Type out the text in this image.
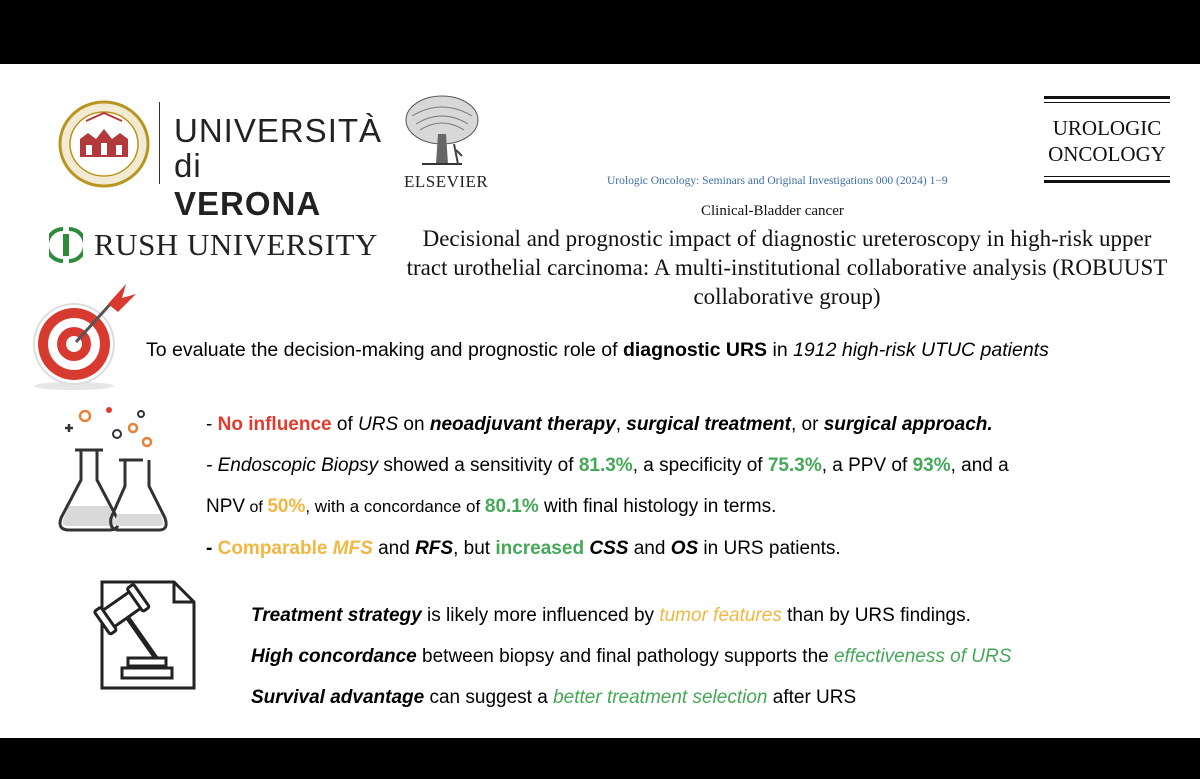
UNIVERSITÀ
di VERONA
ELSEVIER	Urologic Oncology: Seminars and Original Investigations 000 (2024) 1−9
UROLOGIC
ONCOLOGY
RUSH UNIVERSITY
Clinical-Bladder cancer
Decisional and prognostic impact of diagnostic ureteroscopy in high-risk upper tract urothelial carcinoma: A multi-institutional collaborative analysis (ROBUUST collaborative group)
To evaluate the decision-making and prognostic role of diagnostic URS in 1912 high-risk UTUC patients

- No influence of URS on neoadjuvant therapy, surgical treatment, or surgical approach.

- Endoscopic Biopsy showed a sensitivity of 81.3%, a specificity of 75.3%, a PPV of 93%, and a

NPV of 50%, with a concordance of 80.1% with final histology in terms.

- Comparable MFS and RFS, but increased CSS and OS in URS patients.

Treatment strategy is likely more influenced by tumor features than by URS findings.

High concordance between biopsy and final pathology supports the effectiveness of URS

Survival advantage can suggest a better treatment selection after URS
